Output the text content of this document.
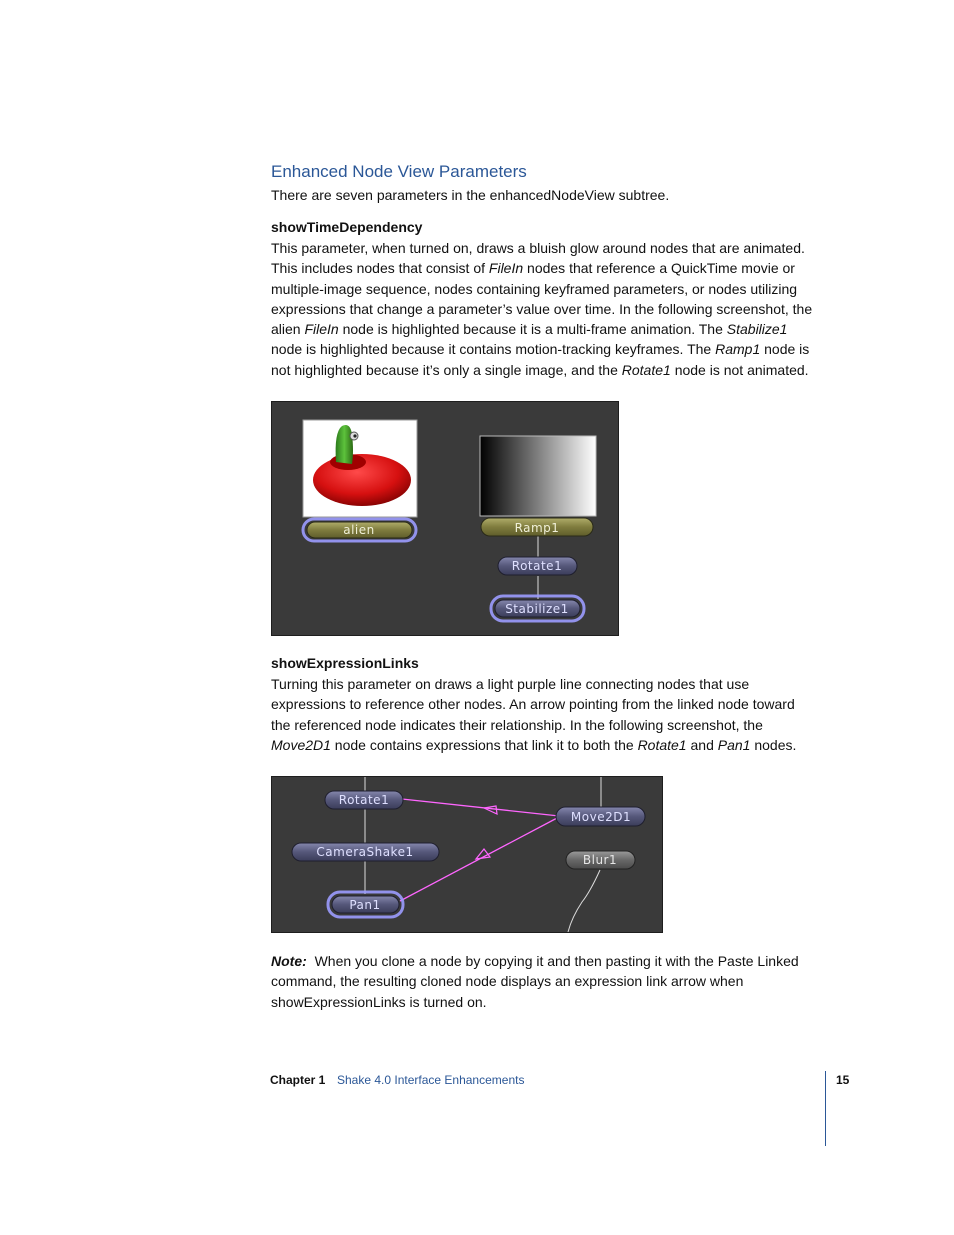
Enhanced Node View Parameters

There are seven parameters in the enhancedNodeView subtree.

showTimeDependency

This parameter, when turned on, draws a bluish glow around nodes that are animated.
This includes nodes that consist of FileIn nodes that reference a QuickTime movie or
multiple-image sequence, nodes containing keyframed parameters, or nodes utilizing
expressions that change a parameter’s value over time. In the following screenshot, the
alien FileIn node is highlighted because it is a multi-frame animation. The Stabilize1
node is highlighted because it contains motion-tracking keyframes. The Ramp1 node is
not highlighted because it’s only a single image, and the Rotate1 node is not animated.
alien	Ramp1
Rotate1
Stabilize1

showExpressionLinks

Turning this parameter on draws a light purple line connecting nodes that use
expressions to reference other nodes. An arrow pointing from the linked node toward
the referenced node indicates their relationship. In the following screenshot, the
Move2D1 node contains expressions that link it to both the Rotate1 and Pan1 nodes.
Rotate1
Move2D1
CameraShake1
Blur1
Pan1
Note: When you clone a node by copying it and then pasting it with the Paste Linked
command, the resulting cloned node displays an expression link arrow when
showExpressionLinks is turned on.
Chapter 1 Shake 4.0 Interface Enhancements	15
